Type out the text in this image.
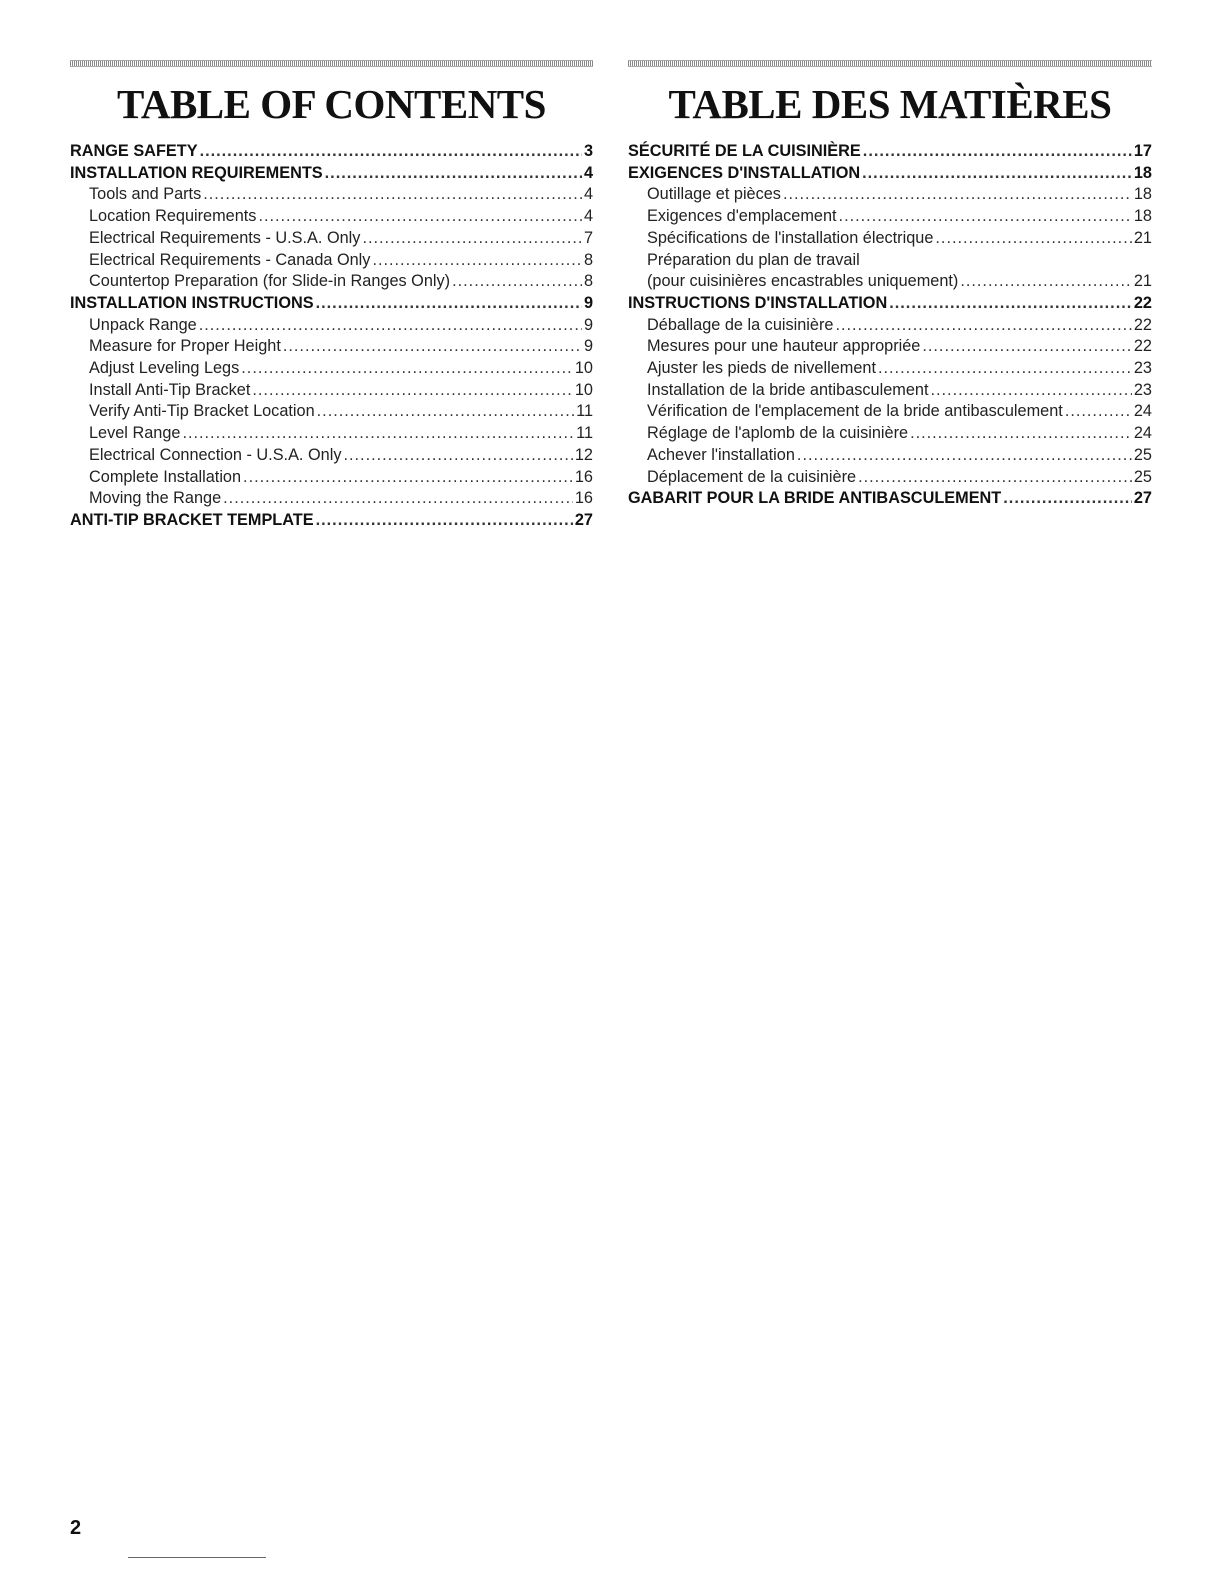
TABLE OF CONTENTS
RANGE SAFETY .....	3
INSTALLATION REQUIREMENTS .....	4
Tools and Parts .....	4
Location Requirements .....	4
Electrical Requirements - U.S.A. Only .....	7
Electrical Requirements - Canada Only .....	8
Countertop Preparation (for Slide-in Ranges Only) .....	8
INSTALLATION INSTRUCTIONS .....	9
Unpack Range .....	9
Measure for Proper Height .....	9
Adjust Leveling Legs .....	10
Install Anti-Tip Bracket .....	10
Verify Anti-Tip Bracket Location .....	11
Level Range .....	11
Electrical Connection - U.S.A. Only .....	12
Complete Installation .....	16
Moving the Range .....	16
ANTI-TIP BRACKET TEMPLATE .....	27
TABLE DES MATIÈRES
SÉCURITÉ DE LA CUISINIÈRE .....	17
EXIGENCES D'INSTALLATION .....	18
Outillage et pièces .....	18
Exigences d'emplacement .....	18
Spécifications de l'installation électrique .....	21
Préparation du plan de travail
(pour cuisinières encastrables uniquement) .....	21
INSTRUCTIONS D'INSTALLATION .....	22
Déballage de la cuisinière .....	22
Mesures pour une hauteur appropriée .....	22
Ajuster les pieds de nivellement .....	23
Installation de la bride antibasculement .....	23
Vérification de l'emplacement de la bride antibasculement .....	24
Réglage de l'aplomb de la cuisinière .....	24
Achever l'installation .....	25
Déplacement de la cuisinière .....	25
GABARIT POUR LA BRIDE ANTIBASCULEMENT .....	27
2
